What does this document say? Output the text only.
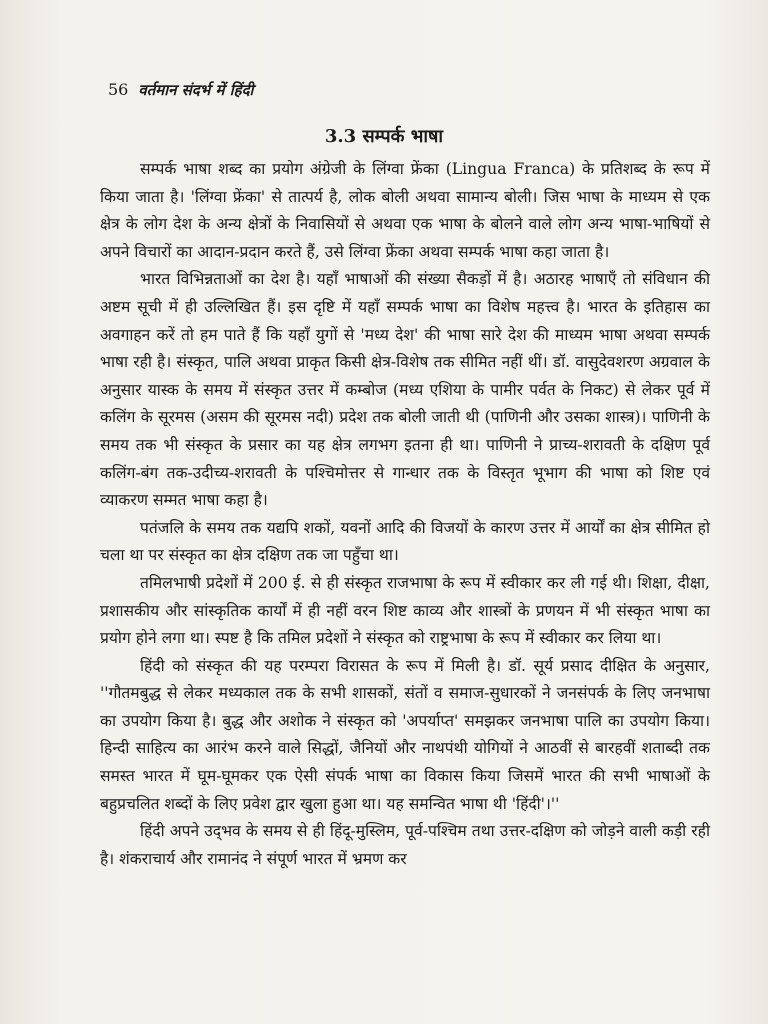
56 वर्तमान संदर्भ में हिंदी
3.3 सम्पर्क भाषा

सम्पर्क भाषा शब्द का प्रयोग अंग्रेजी के लिंग्वा फ्रेंका (Lingua Franca) के प्रतिशब्द के रूप में किया जाता है। 'लिंग्वा फ्रेंका' से तात्पर्य है, लोक बोली अथवा सामान्य बोली। जिस भाषा के माध्यम से एक क्षेत्र के लोग देश के अन्य क्षेत्रों के निवासियों से अथवा एक भाषा के बोलने वाले लोग अन्य भाषा-भाषियों से अपने विचारों का आदान-प्रदान करते हैं, उसे लिंग्वा फ्रेंका अथवा सम्पर्क भाषा कहा जाता है।

भारत विभिन्नताओं का देश है। यहाँ भाषाओं की संख्या सैकड़ों में है। अठारह भाषाएँ तो संविधान की अष्टम सूची में ही उल्लिखित हैं। इस दृष्टि में यहाँ सम्पर्क भाषा का विशेष महत्त्व है। भारत के इतिहास का अवगाहन करें तो हम पाते हैं कि यहाँ युगों से 'मध्य देश' की भाषा सारे देश की माध्यम भाषा अथवा सम्पर्क भाषा रही है। संस्कृत, पालि अथवा प्राकृत किसी क्षेत्र-विशेष तक सीमित नहीं थीं। डॉ. वासुदेवशरण अग्रवाल के अनुसार यास्क के समय में संस्कृत उत्तर में कम्बोज (मध्य एशिया के पामीर पर्वत के निकट) से लेकर पूर्व में कलिंग के सूरमस (असम की सूरमस नदी) प्रदेश तक बोली जाती थी (पाणिनी और उसका शास्त्र)। पाणिनी के समय तक भी संस्कृत के प्रसार का यह क्षेत्र लगभग इतना ही था। पाणिनी ने प्राच्य-शरावती के दक्षिण पूर्व कलिंग-बंग तक-उदीच्य-शरावती के पश्चिमोत्तर से गान्धार तक के विस्तृत भूभाग की भाषा को शिष्ट एवं व्याकरण सम्मत भाषा कहा है।

पतंजलि के समय तक यद्यपि शकों, यवनों आदि की विजयों के कारण उत्तर में आर्यों का क्षेत्र सीमित हो चला था पर संस्कृत का क्षेत्र दक्षिण तक जा पहुँचा था।

तमिलभाषी प्रदेशों में 200 ई. से ही संस्कृत राजभाषा के रूप में स्वीकार कर ली गई थी। शिक्षा, दीक्षा, प्रशासकीय और सांस्कृतिक कार्यों में ही नहीं वरन शिष्ट काव्य और शास्त्रों के प्रणयन में भी संस्कृत भाषा का प्रयोग होने लगा था। स्पष्ट है कि तमिल प्रदेशों ने संस्कृत को राष्ट्रभाषा के रूप में स्वीकार कर लिया था।

हिंदी को संस्कृत की यह परम्परा विरासत के रूप में मिली है। डॉ. सूर्य प्रसाद दीक्षित के अनुसार, ''गौतमबुद्ध से लेकर मध्यकाल तक के सभी शासकों, संतों व समाज-सुधारकों ने जनसंपर्क के लिए जनभाषा का उपयोग किया है। बुद्ध और अशोक ने संस्कृत को 'अपर्याप्त' समझकर जनभाषा पालि का उपयोग किया। हिन्दी साहित्य का आरंभ करने वाले सिद्धों, जैनियों और नाथपंथी योगियों ने आठवीं से बारहवीं शताब्दी तक समस्त भारत में घूम-घूमकर एक ऐसी संपर्क भाषा का विकास किया जिसमें भारत की सभी भाषाओं के बहुप्रचलित शब्दों के लिए प्रवेश द्वार खुला हुआ था। यह समन्वित भाषा थी 'हिंदी'।''

हिंदी अपने उद्‌भव के समय से ही हिंदू-मुस्लिम, पूर्व-पश्चिम तथा उत्तर-दक्षिण को जोड़ने वाली कड़ी रही है। शंकराचार्य और रामानंद ने संपूर्ण भारत में भ्रमण कर
